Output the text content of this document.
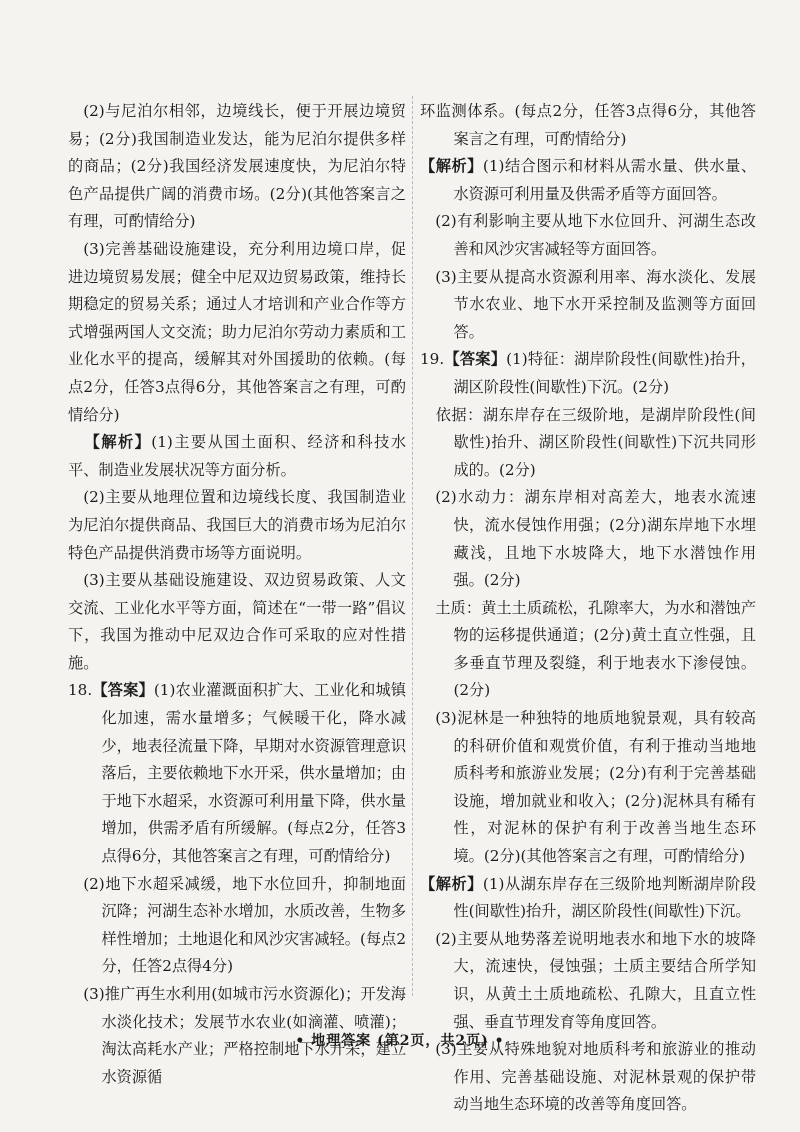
 (2)与尼泊尔相邻，边境线长，便于开展边境贸易；(2分)我国制造业发达，能为尼泊尔提供多样的商品；(2分)我国经济发展速度快，为尼泊尔特色产品提供广阔的消费市场。(2分)(其他答案言之有理，可酌情给分)

 (3)完善基础设施建设，充分利用边境口岸，促进边境贸易发展；健全中尼双边贸易政策，维持长期稳定的贸易关系；通过人才培训和产业合作等方式增强两国人文交流；助力尼泊尔劳动力素质和工业化水平的提高，缓解其对外国援助的依赖。(每点2分，任答3点得6分，其他答案言之有理，可酌情给分)

 【解析】(1)主要从国土面积、经济和科技水平、制造业发展状况等方面分析。

 (2)主要从地理位置和边境线长度、我国制造业为尼泊尔提供商品、我国巨大的消费市场为尼泊尔特色产品提供消费市场等方面说明。

 (3)主要从基础设施建设、双边贸易政策、人文交流、工业化水平等方面，简述在“一带一路”倡议下，我国为推动中尼双边合作可采取的应对性措施。

18.【答案】(1)农业灌溉面积扩大、工业化和城镇化加速，需水量增多；气候暖干化，降水减少，地表径流量下降，早期对水资源管理意识落后，主要依赖地下水开采，供水量增加；由于地下水超采，水资源可利用量下降，供水量增加，供需矛盾有所缓解。(每点2分，任答3点得6分，其他答案言之有理，可酌情给分)

 (2)地下水超采减缓，地下水位回升，抑制地面沉降；河湖生态补水增加，水质改善，生物多样性增加；土地退化和风沙灾害减轻。(每点2分，任答2点得4分)

 (3)推广再生水利用(如城市污水资源化)；开发海水淡化技术；发展节水农业(如滴灌、喷灌)；淘汰高耗水产业；严格控制地下水开采，建立水资源循

环监测体系。(每点2分，任答3点得6分，其他答案言之有理，可酌情给分)

【解析】(1)结合图示和材料从需水量、供水量、水资源可利用量及供需矛盾等方面回答。

 (2)有利影响主要从地下水位回升、河湖生态改善和风沙灾害减轻等方面回答。

 (3)主要从提高水资源利用率、海水淡化、发展节水农业、地下水开采控制及监测等方面回答。

19.【答案】(1)特征：湖岸阶段性(间歇性)抬升，湖区阶段性(间歇性)下沉。(2分)

 依据：湖东岸存在三级阶地，是湖岸阶段性(间歇性)抬升、湖区阶段性(间歇性)下沉共同形成的。(2分)

 (2)水动力：湖东岸相对高差大，地表水流速快，流水侵蚀作用强；(2分)湖东岸地下水埋藏浅，且地下水坡降大，地下水潜蚀作用强。(2分)

 土质：黄土土质疏松，孔隙率大，为水和潜蚀产物的运移提供通道；(2分)黄土直立性强，且多垂直节理及裂缝，利于地表水下渗侵蚀。(2分)

 (3)泥林是一种独特的地质地貌景观，具有较高的科研价值和观赏价值，有利于推动当地地质科考和旅游业发展；(2分)有利于完善基础设施，增加就业和收入；(2分)泥林具有稀有性，对泥林的保护有利于改善当地生态环境。(2分)(其他答案言之有理，可酌情给分)

【解析】(1)从湖东岸存在三级阶地判断湖岸阶段性(间歇性)抬升，湖区阶段性(间歇性)下沉。

 (2)主要从地势落差说明地表水和地下水的坡降大，流速快，侵蚀强；土质主要结合所学知识，从黄土土质地疏松、孔隙大，且直立性强、垂直节理发育等角度回答。

 (3)主要从特殊地貌对地质科考和旅游业的推动作用、完善基础设施、对泥林景观的保护带动当地生态环境的改善等角度回答。

• 地理答案 (第2页，共2页) •
